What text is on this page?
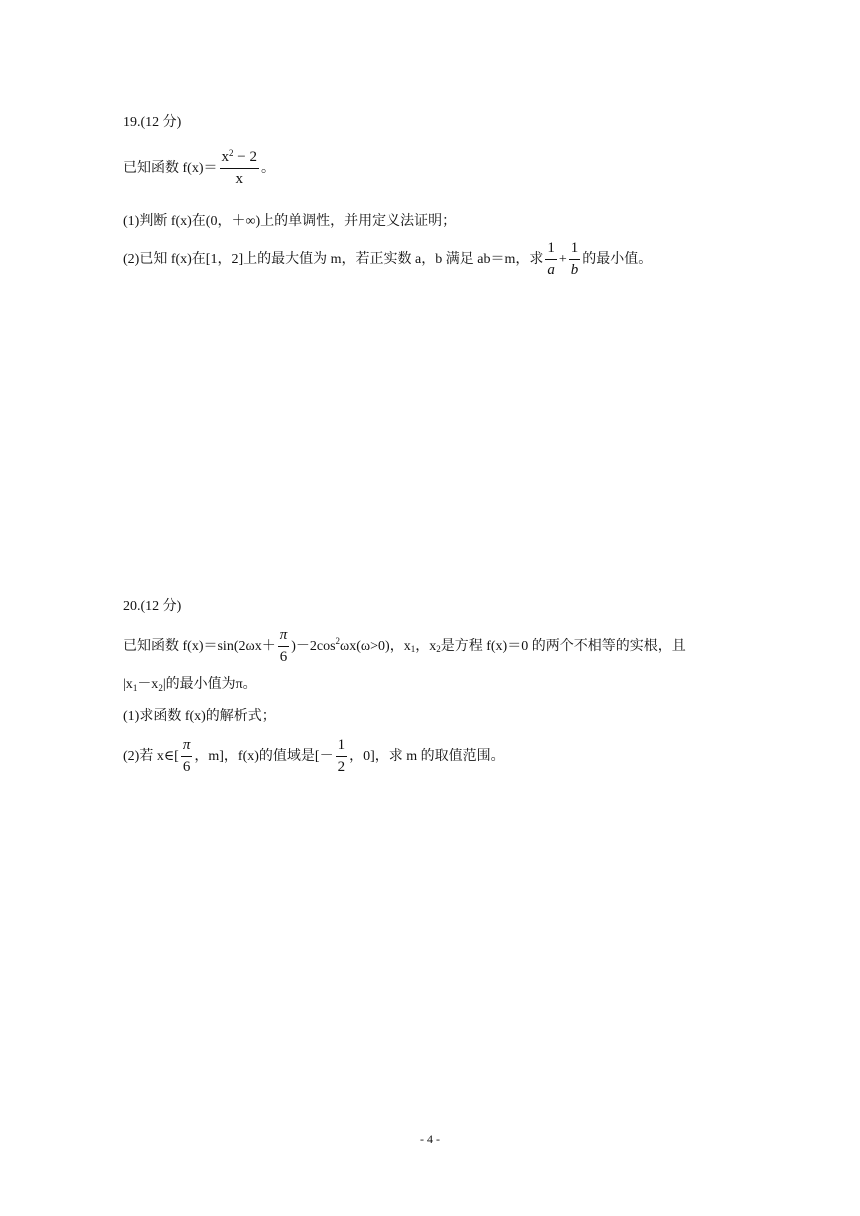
19.(12 分)
已知函数 $f(x)= \frac{x^2 - 2}{x}$ 。
(1)判断 f(x)在(0，＋∞)上的单调性，并用定义法证明；
(2)已知 f(x)在[1，2]上的最大值为 m，若正实数 a，b 满足 ab＝m，求 $\frac{1}{a} + \frac{1}{b}$ 的最小值。
20.(12 分)
已知函数 $f(x)=\sin(2\omega x+ \frac{\pi}{6} )-2\cos^2$ ωx(ω>0)，$x_1$ ，$x_2$ 是方程 f(x)＝0 的两个不相等的实根，且
$|x_1 -x_2$ |的最小值为π。
(1)求函数 f(x)的解析式；
(2)若 x∈[ $\frac{\pi}{6}$ ，m]，f(x)的值域是[－ $\frac{1}{2}$ ，0]，求 m 的取值范围。
- 4 -
